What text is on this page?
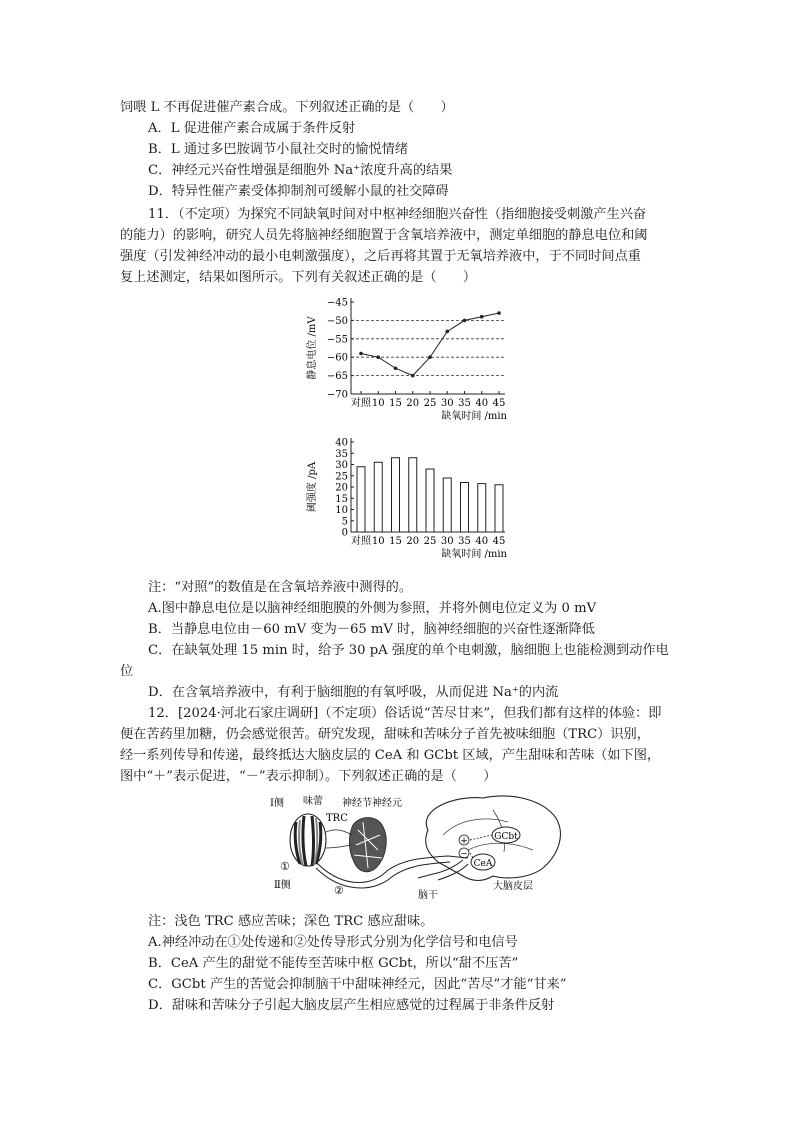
饲喂 L 不再促进催产素合成。下列叙述正确的是（　　）
A．L 促进催产素合成属于条件反射
B．L 通过多巴胺调节小鼠社交时的愉悦情绪
C．神经元兴奋性增强是细胞外 Na⁺浓度升高的结果
D．特异性催产素受体抑制剂可缓解小鼠的社交障碍
11．（不定项）为探究不同缺氧时间对中枢神经细胞兴奋性（指细胞接受刺激产生兴奋
的能力）的影响，研究人员先将脑神经细胞置于含氧培养液中，测定单细胞的静息电位和阈
强度（引发神经冲动的最小电刺激强度），之后再将其置于无氧培养液中，于不同时间点重
复上述测定，结果如图所示。下列有关叙述正确的是（　　）
−45
−50
−55
−60
−65
−70
对照 10 15 20 25 30 35 40 45
静息电位 /mV
缺氧时间 /min
0
5
10
15
20
25
30
35
40
对照 10 15 20 25 30 35 40 45
阈强度 /pA
缺氧时间 /min
注：“对照”的数值是在含氧培养液中测得的。
A.图中静息电位是以脑神经细胞膜的外侧为参照，并将外侧电位定义为 0 mV
B．当静息电位由－60 mV 变为－65 mV 时，脑神经细胞的兴奋性逐渐降低
C．在缺氧处理 15 min 时，给予 30 pA 强度的单个电刺激，脑细胞上也能检测到动作电
位
D．在含氧培养液中，有利于脑细胞的有氧呼吸，从而促进 Na⁺的内流
12．[2024·河北石家庄调研]（不定项）俗话说“苦尽甘来”，但我们都有这样的体验：即
便在苦药里加糖，仍会感觉很苦。研究发现，甜味和苦味分子首先被味细胞（TRC）识别，
经一系列传导和传递，最终抵达大脑皮层的 CeA 和 GCbt 区域，产生甜味和苦味（如下图，
图中“＋”表示促进，“－”表示抑制）。下列叙述正确的是（　　）
GCbt
CeA
+
−
Ⅰ侧 味蕾 神经节神经元
TRC
①
Ⅱ侧	②	脑干
大脑皮层
注：浅色 TRC 感应苦味；深色 TRC 感应甜味。
A.神经冲动在①处传递和②处传导形式分别为化学信号和电信号
B．CeA 产生的甜觉不能传至苦味中枢 GCbt，所以“甜不压苦”
C．GCbt 产生的苦觉会抑制脑干中甜味神经元，因此“苦尽”才能“甘来”
D．甜味和苦味分子引起大脑皮层产生相应感觉的过程属于非条件反射
